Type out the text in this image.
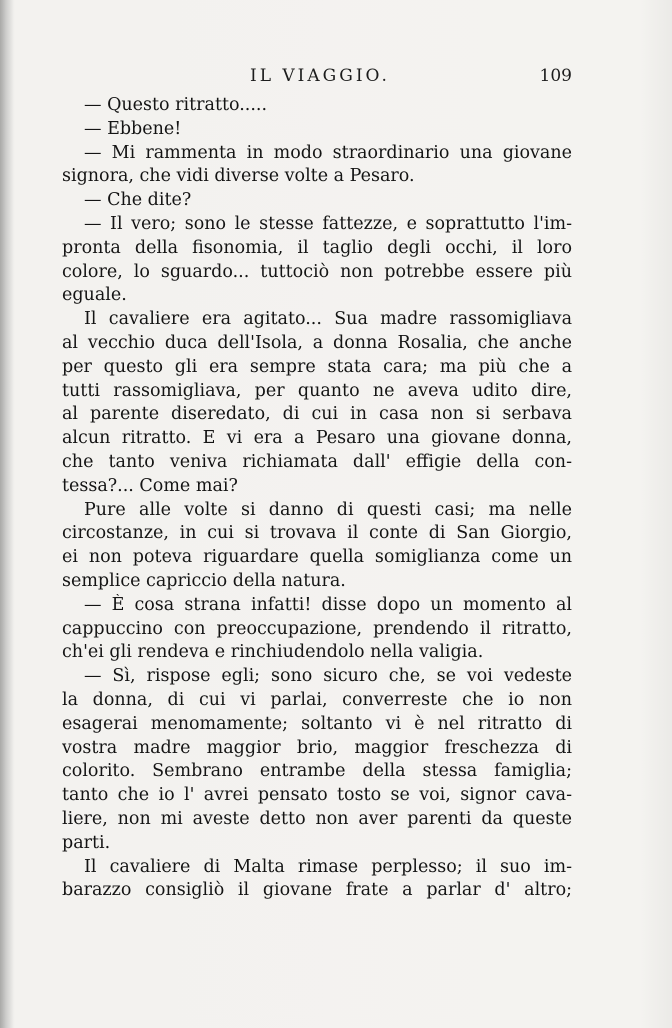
IL VIAGGIO.	109
— Questo ritratto.....
— Ebbene!
— Mi rammenta in modo straordinario una giovane
signora, che vidi diverse volte a Pesaro.
— Che dite?
— Il vero; sono le stesse fattezze, e soprattutto l'im-
pronta della fisonomia, il taglio degli occhi, il loro
colore, lo sguardo... tuttociò non potrebbe essere più
eguale.
Il cavaliere era agitato... Sua madre rassomigliava
al vecchio duca dell'Isola, a donna Rosalia, che anche
per questo gli era sempre stata cara; ma più che a
tutti rassomigliava, per quanto ne aveva udito dire,
al parente diseredato, di cui in casa non si serbava
alcun ritratto. E vi era a Pesaro una giovane donna,
che tanto veniva richiamata dall' effigie della con-
tessa?... Come mai?
Pure alle volte si danno di questi casi; ma nelle
circostanze, in cui si trovava il conte di San Giorgio,
ei non poteva riguardare quella somiglianza come un
semplice capriccio della natura.
— È cosa strana infatti! disse dopo un momento al
cappuccino con preoccupazione, prendendo il ritratto,
ch'ei gli rendeva e rinchiudendolo nella valigia.
— Sì, rispose egli; sono sicuro che, se voi vedeste
la donna, di cui vi parlai, converreste che io non
esagerai menomamente; soltanto vi è nel ritratto di
vostra madre maggior brio, maggior freschezza di
colorito. Sembrano entrambe della stessa famiglia;
tanto che io l' avrei pensato tosto se voi, signor cava-
liere, non mi aveste detto non aver parenti da queste
parti.
Il cavaliere di Malta rimase perplesso; il suo im-
barazzo consigliò il giovane frate a parlar d' altro;
